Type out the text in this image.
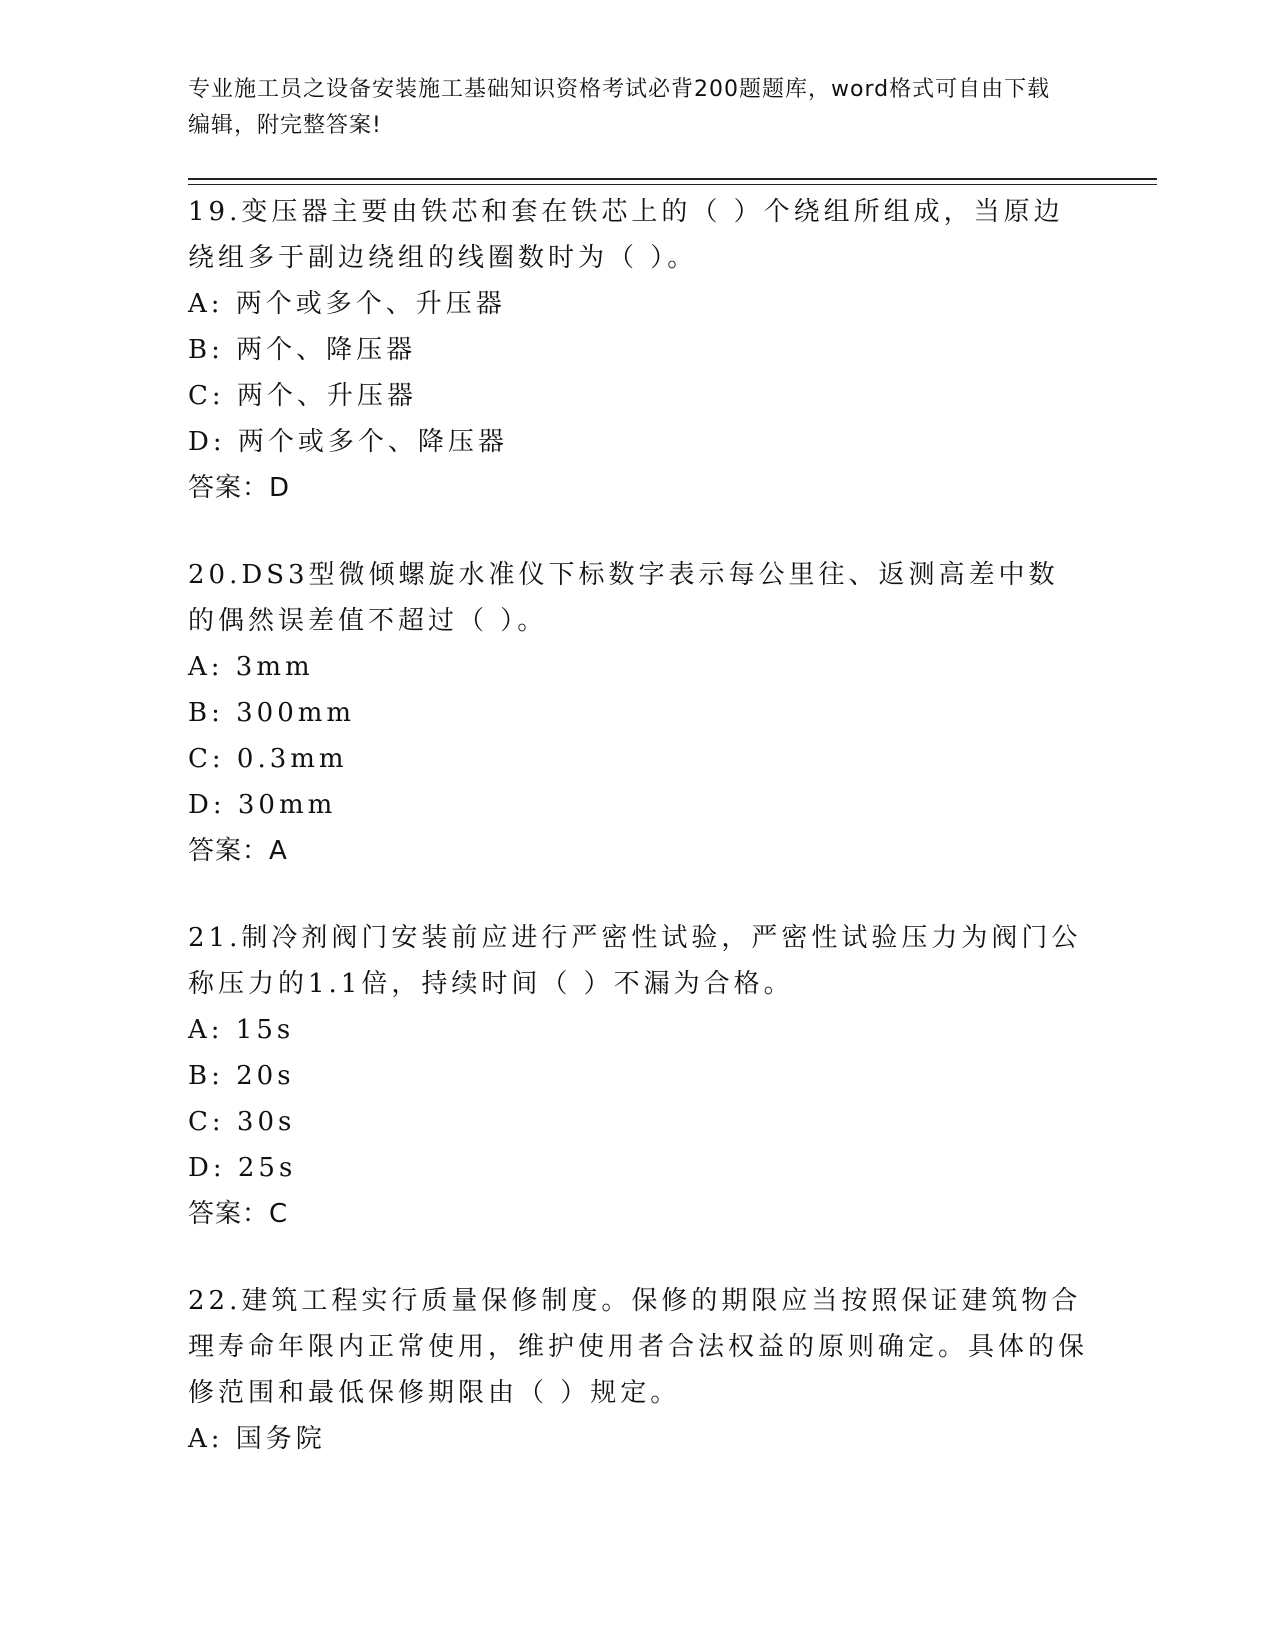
专业施工员之设备安装施工基础知识资格考试必背200题题库，word格式可自由下载编辑，附完整答案!

19.变压器主要由铁芯和套在铁芯上的（ ）个绕组所组成，当原边绕组多于副边绕组的线圈数时为（ ）。

A: 两个或多个、升压器

B: 两个、降压器

C: 两个、升压器

D: 两个或多个、降压器

答案：D

20.DS3型微倾螺旋水准仪下标数字表示每公里往、返测高差中数的偶然误差值不超过（ ）。

A: 3mm

B: 300mm

C: 0.3mm

D: 30mm

答案：A

21.制冷剂阀门安装前应进行严密性试验，严密性试验压力为阀门公称压力的1.1倍，持续时间（ ）不漏为合格。

A: 15s

B: 20s

C: 30s

D: 25s

答案：C

22.建筑工程实行质量保修制度。保修的期限应当按照保证建筑物合理寿命年限内正常使用，维护使用者合法权益的原则确定。具体的保修范围和最低保修期限由（ ）规定。

A: 国务院
